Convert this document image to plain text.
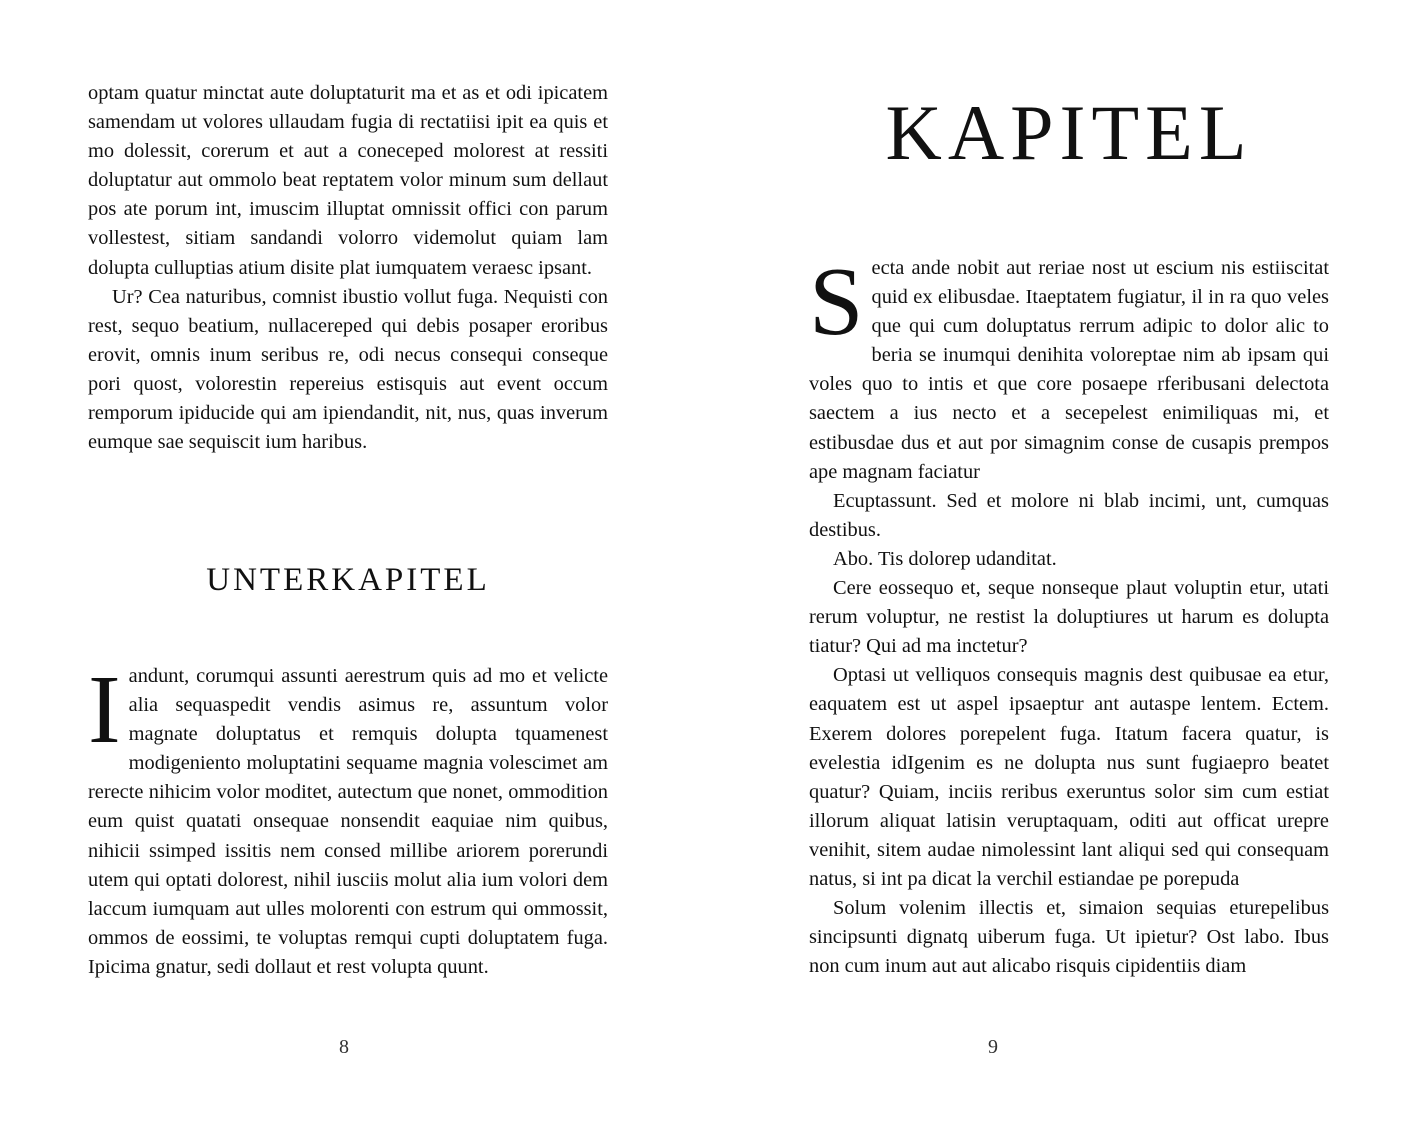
optam quatur minctat aute doluptaturit ma et as et odi ipicatem samendam ut volores ullaudam fugia di rectatiisi ipit ea quis et mo dolessit, corerum et aut a coneceped molorest at ressiti doluptatur aut ommolo beat reptatem volor minum sum dellaut pos ate porum int, imuscim illuptat omnissit offici con parum vollestest, sitiam sandandi volorro videmolut quiam lam dolupta culluptias atium disite plat iumquatem veraesc ipsant.

Ur? Cea naturibus, comnist ibustio vollut fuga. Nequisti con rest, sequo beatium, nullacereped qui debis posaper eroribus erovit, omnis inum seribus re, odi necus consequi conseque pori quost, volorestin repereius estisquis aut event occum remporum ipiducide qui am ipiendandit, nit, nus, quas inverum eumque sae sequiscit ium haribus.

UNTERKAPITEL

Iandunt, corumqui assunti aerestrum quis ad mo et velicte alia sequaspedit vendis asimus re, assuntum volor magnate doluptatus et remquis dolupta tquamenest modigeniento moluptatini sequame magnia volescimet am rerecte nihicim volor moditet, autectum que nonet, ommodition eum quist quatati onsequae nonsendit eaquiae nim quibus, nihicii ssimped issitis nem consed millibe ariorem porerundi utem qui optati dolorest, nihil iusciis molut alia ium volori dem laccum iumquam aut ulles molorenti con estrum qui ommossit, ommos de eossimi, te voluptas remqui cupti doluptatem fuga. Ipicima gnatur, sedi dollaut et rest volupta quunt.

8
KAPITEL

Secta ande nobit aut reriae nost ut escium nis estiiscitat quid ex elibusdae. Itaeptatem fugiatur, il in ra quo veles que qui cum doluptatus rerrum adipic to dolor alic to beria se inumqui denihita voloreptae nim ab ipsam qui voles quo to intis et que core posaepe rferibusani delectota saectem a ius necto et a secepelest enimiliquas mi, et estibusdae dus et aut por simagnim conse de cusapis prempos ape magnam faciatur

Ecuptassunt. Sed et molore ni blab incimi, unt, cumquas destibus.

Abo. Tis dolorep udanditat.

Cere eossequo et, seque nonseque plaut voluptin etur, utati rerum voluptur, ne restist la doluptiures ut harum es dolupta tiatur? Qui ad ma inctetur?

Optasi ut velliquos consequis magnis dest quibusae ea etur, eaquatem est ut aspel ipsaeptur ant autaspe lentem. Ectem. Exerem dolores porepelent fuga. Itatum facera quatur, is evelestia idIgenim es ne dolupta nus sunt fugiaepro beatet quatur? Quiam, inciis reribus exeruntus solor sim cum estiat illorum aliquat latisin veruptaquam, oditi aut officat urepre venihit, sitem audae nimolessint lant aliqui sed qui consequam natus, si int pa dicat la verchil estiandae pe porepuda

Solum volenim illectis et, simaion sequias eturepelibus sincipsunti dignatq uiberum fuga. Ut ipietur? Ost labo. Ibus non cum inum aut aut alicabo risquis cipidentiis diam

9
